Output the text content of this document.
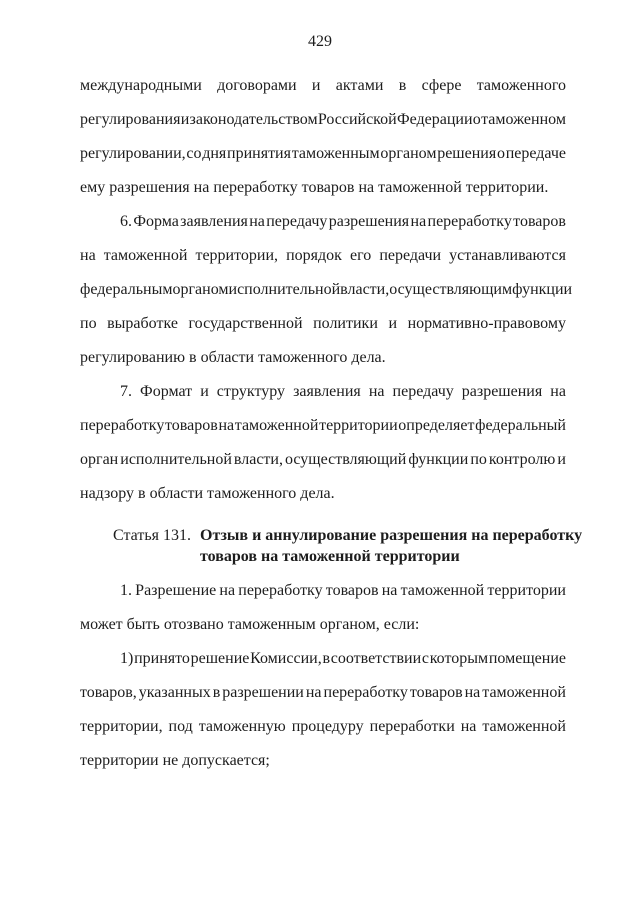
429
международными договорами и актами в сфере таможенного
регулирования и законодательством Российской Федерации о таможенном
регулировании, со дня принятия таможенным органом решения о передаче
ему разрешения на переработку товаров на таможенной территории.
6. Форма заявления на передачу разрешения на переработку товаров
на таможенной территории, порядок его передачи устанавливаются
федеральным органом исполнительной власти, осуществляющим функции
по выработке государственной политики и нормативно-правовому
регулированию в области таможенного дела.
7. Формат и структуру заявления на передачу разрешения на
переработку товаров на таможенной территории определяет федеральный
орган исполнительной власти, осуществляющий функции по контролю и
надзору в области таможенного дела.
Статья 131. Отзыв и аннулирование разрешения на переработку
товаров на таможенной территории
1. Разрешение на переработку товаров на таможенной территории
может быть отозвано таможенным органом, если:
1) принято решение Комиссии, в соответствии с которым помещение
товаров, указанных в разрешении на переработку товаров на таможенной
территории, под таможенную процедуру переработки на таможенной
территории не допускается;
